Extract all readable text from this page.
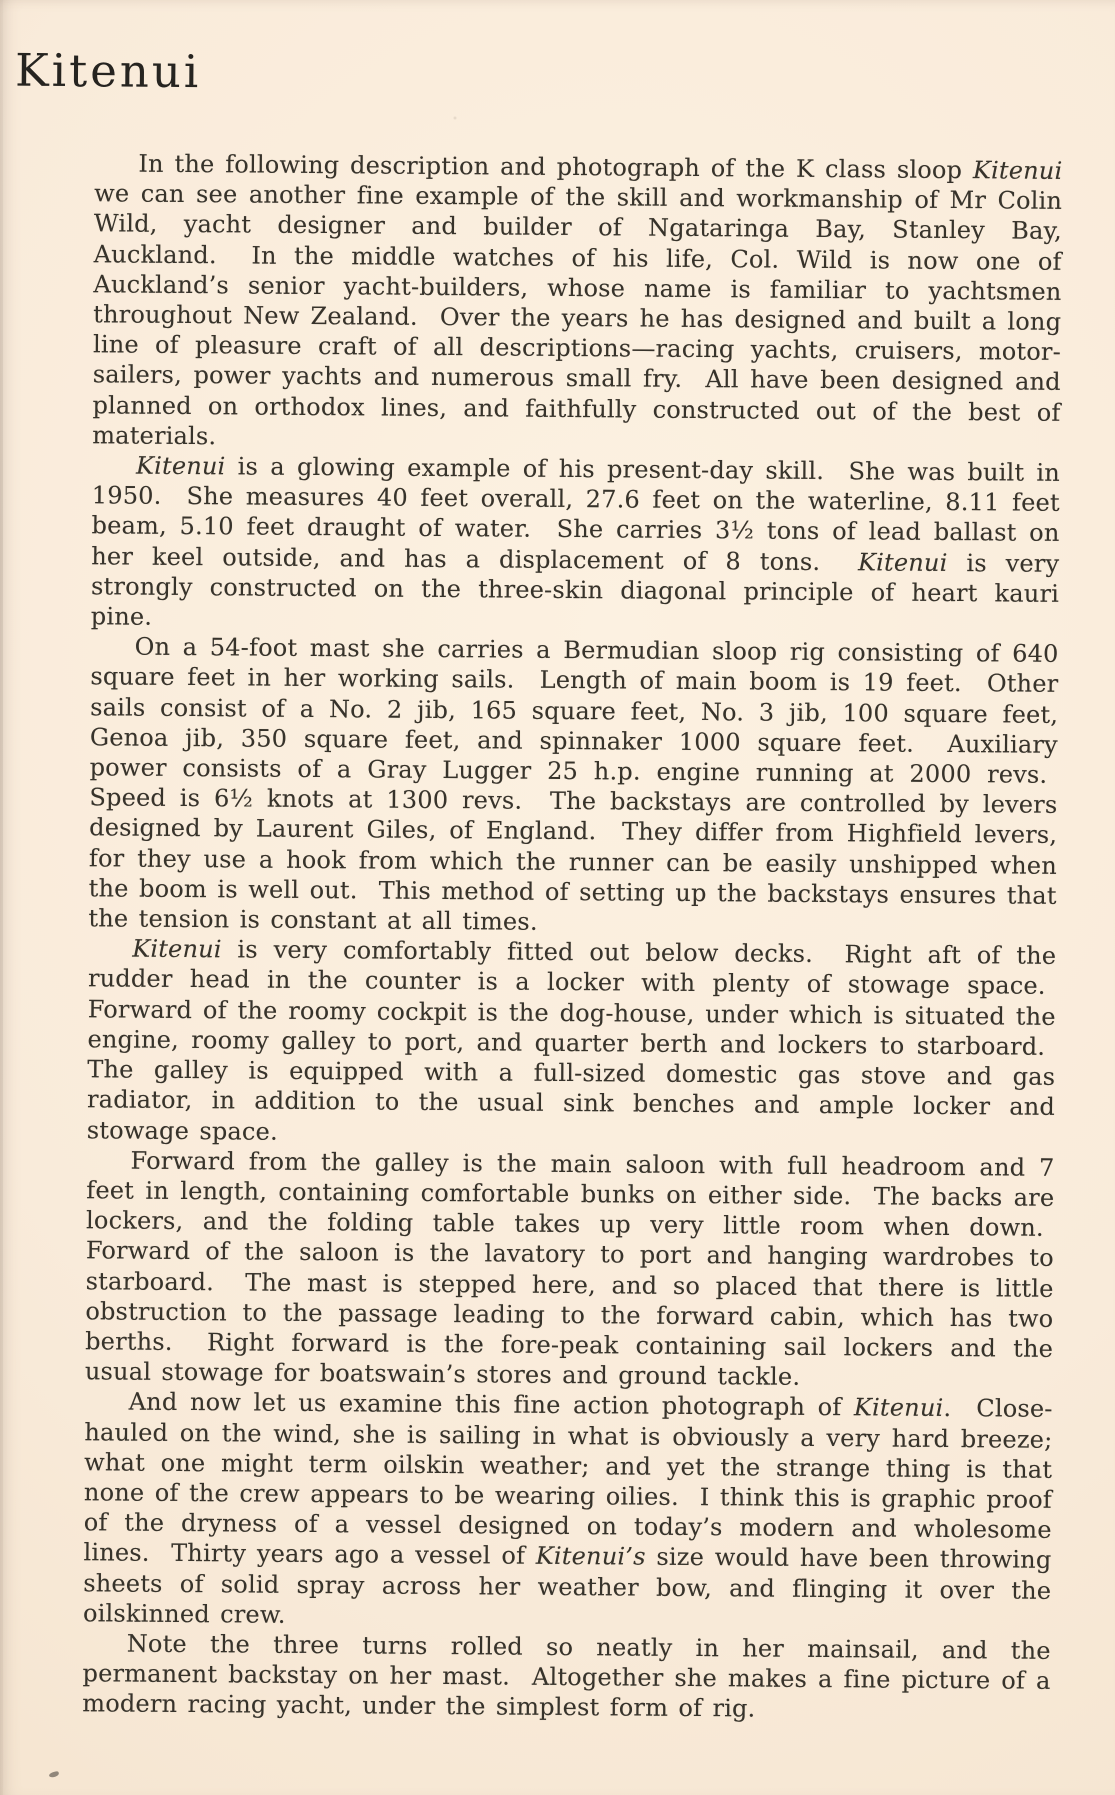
Kitenui

In the following description and photograph of the K class sloop Kitenui we can see another fine example of the skill and workmanship of Mr Colin Wild, yacht designer and builder of Ngataringa Bay, Stanley Bay, Auckland.  In the middle watches of his life, Col. Wild is now one of Auckland’s senior yacht-builders, whose name is familiar to yachtsmen throughout New Zealand.  Over the years he has designed and built a long line of pleasure craft of all descriptions—racing yachts, cruisers, motor-sailers, power yachts and numerous small fry.  All have been designed and planned on orthodox lines, and faithfully constructed out of the best of materials.

Kitenui is a glowing example of his present-day skill.  She was built in 1950.  She measures 40 feet overall, 27.6 feet on the waterline, 8.11 feet beam, 5.10 feet draught of water.  She carries 3½ tons of lead ballast on her keel outside, and has a displacement of 8 tons.  Kitenui is very strongly constructed on the three-skin diagonal principle of heart kauri pine.

On a 54-foot mast she carries a Bermudian sloop rig consisting of 640 square feet in her working sails.  Length of main boom is 19 feet.  Other sails consist of a No. 2 jib, 165 square feet, No. 3 jib, 100 square feet, Genoa jib, 350 square feet, and spinnaker 1000 square feet.  Auxiliary power consists of a Gray Lugger 25 h.p. engine running at 2000 revs.  Speed is 6½ knots at 1300 revs.  The backstays are controlled by levers designed by Laurent Giles, of England.  They differ from Highfield levers, for they use a hook from which the runner can be easily unshipped when the boom is well out.  This method of setting up the backstays ensures that the tension is constant at all times.

Kitenui is very comfortably fitted out below decks.  Right aft of the rudder head in the counter is a locker with plenty of stowage space.  Forward of the roomy cockpit is the dog-house, under which is situated the engine, roomy galley to port, and quarter berth and lockers to starboard.  The galley is equipped with a full-sized domestic gas stove and gas radiator, in addition to the usual sink benches and ample locker and stowage space.

Forward from the galley is the main saloon with full headroom and 7 feet in length, containing comfortable bunks on either side.  The backs are lockers, and the folding table takes up very little room when down.  Forward of the saloon is the lavatory to port and hanging wardrobes to starboard.  The mast is stepped here, and so placed that there is little obstruction to the passage leading to the forward cabin, which has two berths.  Right forward is the fore-peak containing sail lockers and the usual stowage for boatswain’s stores and ground tackle.

And now let us examine this fine action photograph of Kitenui.  Close-hauled on the wind, she is sailing in what is obviously a very hard breeze; what one might term oilskin weather; and yet the strange thing is that none of the crew appears to be wearing oilies.  I think this is graphic proof of the dryness of a vessel designed on today’s modern and wholesome lines.  Thirty years ago a vessel of Kitenui’s size would have been throwing sheets of solid spray across her weather bow, and flinging it over the oilskinned crew.

Note the three turns rolled so neatly in her mainsail, and the permanent backstay on her mast.  Altogether she makes a fine picture of a modern racing yacht, under the simplest form of rig.
